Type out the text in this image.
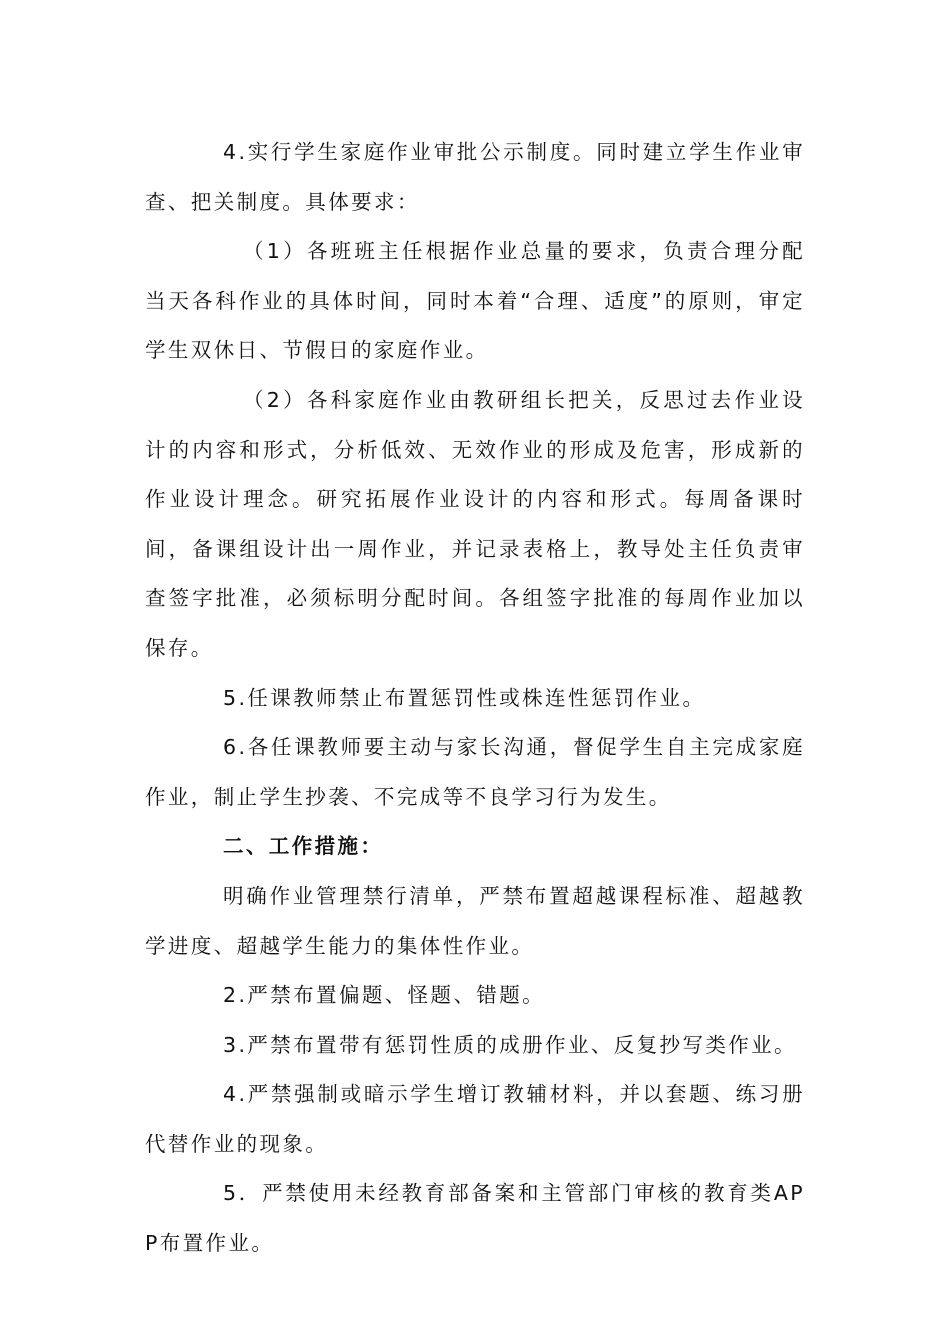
4.实行学生家庭作业审批公示制度。同时建立学生作业审查、把关制度。具体要求：

（1）各班班主任根据作业总量的要求，负责合理分配当天各科作业的具体时间，同时本着“合理、适度”的原则，审定学生双休日、节假日的家庭作业。

（2）各科家庭作业由教研组长把关，反思过去作业设计的内容和形式，分析低效、无效作业的形成及危害，形成新的作业设计理念。研究拓展作业设计的内容和形式。每周备课时间，备课组设计出一周作业，并记录表格上，教导处主任负责审查签字批准，必须标明分配时间。各组签字批准的每周作业加以保存。

5.任课教师禁止布置惩罚性或株连性惩罚作业。

6.各任课教师要主动与家长沟通，督促学生自主完成家庭作业，制止学生抄袭、不完成等不良学习行为发生。

二、工作措施：

明确作业管理禁行清单，严禁布置超越课程标准、超越教学进度、超越学生能力的集体性作业。

2.严禁布置偏题、怪题、错题。

3.严禁布置带有惩罚性质的成册作业、反复抄写类作业。

4.严禁强制或暗示学生增订教辅材料，并以套题、练习册代替作业的现象。

5．严禁使用未经教育部备案和主管部门审核的教育类APP布置作业。
